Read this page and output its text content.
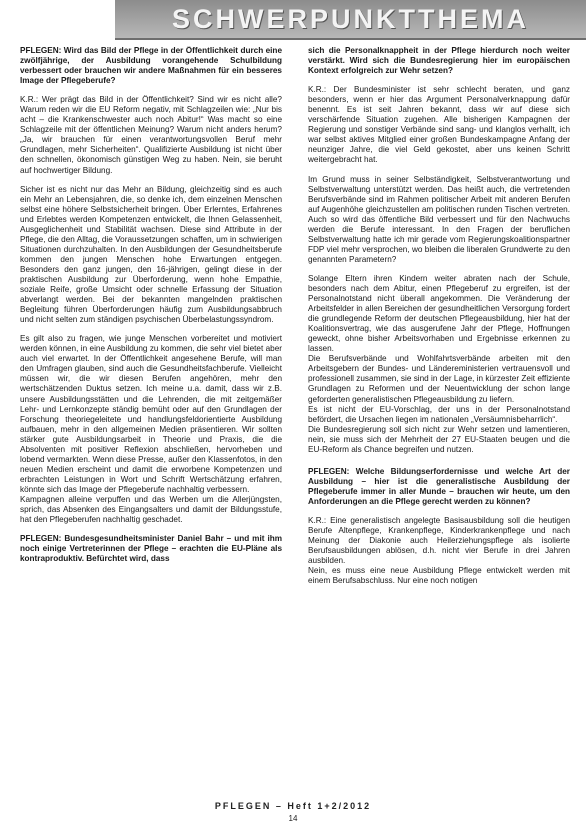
SCHWERPUNKTTHEMA

PFLEGEN: Wird das Bild der Pflege in der Öffentlichkeit durch eine zwölfjährige, der Ausbildung vorangehende Schulbildung verbessert oder brauchen wir andere Maßnahmen für ein besseres Image der Pflegeberufe?

K.R.: Wer prägt das Bild in der Öffentlichkeit? Sind wir es nicht alle? Warum reden wir die EU Reform negativ, mit Schlagzeilen wie: „Nur bis acht – die Krankenschwester auch noch Abitur!“ Was macht so eine Schlagzeile mit der öffentlichen Meinung? Warum nicht anders herum? „Ja, wir brauchen für einen verantwortungsvollen Beruf mehr Grundlagen, mehr Sicherheiten“. Qualifizierte Ausbildung ist nicht über den schnellen, ökonomisch günstigen Weg zu haben. Nein, sie beruht auf hochwertiger Bildung.

Sicher ist es nicht nur das Mehr an Bildung, gleichzeitig sind es auch ein Mehr an Lebensjahren, die, so denke ich, dem einzelnen Menschen selbst eine höhere Selbstsicherheit bringen. Über Erlerntes, Erfahrenes und Erlebtes werden Kompetenzen entwickelt, die Ihnen Gelassenheit, Ausgeglichenheit und Stabilität wachsen. Diese sind Attribute in der Pflege, die den Alltag, die Voraussetzungen schaffen, um in schwierigen Situationen durchzuhalten. In den Ausbildungen der Gesundheitsberufe kommen den jungen Menschen hohe Erwartungen entgegen. Besonders den ganz jungen, den 16-jährigen, gelingt diese in der praktischen Ausbildung zur Überforderung, wenn hohe Empathie, soziale Reife, große Umsicht oder schnelle Erfassung der Situation abverlangt werden. Bei der bekannten mangelnden praktischen Begleitung führen Überforderungen häufig zum Ausbildungsabbruch und nicht selten zum ständigen psychischen Überbelastungssyndrom.

Es gilt also zu fragen, wie junge Menschen vorbereitet und motiviert werden können, in eine Ausbildung zu kommen, die sehr viel bietet aber auch viel erwartet. In der Öffentlichkeit angesehene Berufe, will man den Umfragen glauben, sind auch die Gesundheitsfachberufe. Vielleicht müssen wir, die wir diesen Berufen angehören, mehr den wertschätzenden Duktus setzen. Ich meine u.a. damit, dass wir z.B. unsere Ausbildungsstätten und die Lehrenden, die mit zeitgemäßer Lehr- und Lernkonzepte ständig bemüht oder auf den Grundlagen der Forschung theoriegeleitete und handlungsfeldorientierte Ausbildung aufbauen, mehr in den allgemeinen Medien präsentieren. Wir sollten stärker gute Ausbildungsarbeit in Theorie und Praxis, die die Absolventen mit positiver Reflexion abschließen, hervorheben und lobend vermarkten. Wenn diese Presse, außer den Klassenfotos, in den neuen Medien erscheint und damit die erworbene Kompetenzen und erbrachten Leistungen in Wort und Schrift Wertschätzung erfahren, könnte sich das Image der Pflegeberufe nachhaltig verbessern.

Kampagnen alleine verpuffen und das Werben um die Allerjüngsten, sprich, das Absenken des Eingangsalters und damit der Bildungsstufe, hat den Pflegeberufen nachhaltig geschadet.

PFLEGEN: Bundesgesundheitsminister Daniel Bahr – und mit ihm noch einige Vertreterinnen der Pflege – erachten die EU-Pläne als kontraproduktiv. Befürchtet wird, dass

sich die Personalknappheit in der Pflege hierdurch noch weiter verstärkt. Wird sich die Bundesregierung hier im europäischen Kontext erfolgreich zur Wehr setzen?

K.R.: Der Bundesminister ist sehr schlecht beraten, und ganz besonders, wenn er hier das Argument Personalverknappung dafür benennt. Es ist seit Jahren bekannt, dass wir auf diese sich verschärfende Situation zugehen. Alle bisherigen Kampagnen der Regierung und sonstiger Verbände sind sang- und klanglos verhallt, ich war selbst aktives Mitglied einer großen Bundeskampagne Anfang der neunziger Jahre, die viel Geld gekostet, aber uns keinen Schritt weitergebracht hat.

Im Grund muss in seiner Selbständigkeit, Selbstverantwortung und Selbstverwaltung unterstützt werden. Das heißt auch, die vertretenden Berufsverbände sind im Rahmen politischer Arbeit mit anderen Berufen auf Augenhöhe gleichzustellen am politischen runden Tischen vertreten. Auch so wird das öffentliche Bild verbessert und für den Nachwuchs werden die Berufe interessant. In den Fragen der beruflichen Selbstverwaltung hatte ich mir gerade vom Regierungskoalitionspartner FDP viel mehr versprochen, wo bleiben die liberalen Grundwerte zu den genannten Parametern?

Solange Eltern ihren Kindern weiter abraten nach der Schule, besonders nach dem Abitur, einen Pflegeberuf zu ergreifen, ist der Personalnotstand nicht überall angekommen. Die Veränderung der Arbeitsfelder in allen Bereichen der gesundheitlichen Versorgung fordert die grundlegende Reform der deutschen Pflegeausbildung, hier hat der Koalitionsvertrag, wie das ausgerufene Jahr der Pflege, Hoffnungen geweckt, ohne bisher Arbeitsvorhaben und Ergebnisse erkennen zu lassen.

Die Berufsverbände und Wohlfahrtsverbände arbeiten mit den Arbeitsgebern der Bundes- und Ländereministerien vertrauensvoll und professionell zusammen, sie sind in der Lage, in kürzester Zeit effiziente Grundlagen zu Reformen und der Neuentwicklung der schon lange geforderten generalistischen Pflegeausbildung zu liefern.

Es ist nicht der EU-Vorschlag, der uns in der Personalnotstand befördert, die Ursachen liegen im nationalen „Versäumnisbeharrlich“.

Die Bundesregierung soll sich nicht zur Wehr setzen und lamentieren, nein, sie muss sich der Mehrheit der 27 EU-Staaten beugen und die EU-Reform als Chance begreifen und nutzen.

PFLEGEN: Welche Bildungserfordernisse und welche Art der Ausbildung – hier ist die generalistische Ausbildung der Pflegeberufe immer in aller Munde – brauchen wir heute, um den Anforderungen an die Pflege gerecht werden zu können?

K.R.: Eine generalistisch angelegte Basisausbildung soll die heutigen Berufe Altenpflege, Krankenpflege, Kinderkrankenpflege und nach Meinung der Diakonie auch Heilerziehungspflege als isolierte Berufsausbildungen ablösen, d.h. nicht vier Berufe in drei Jahren ausbilden.

Nein, es muss eine neue Ausbildung Pflege entwickelt werden mit einem Berufsabschluss. Nur eine noch notigen

PFLEGEN – Heft 1+2/2012
14
